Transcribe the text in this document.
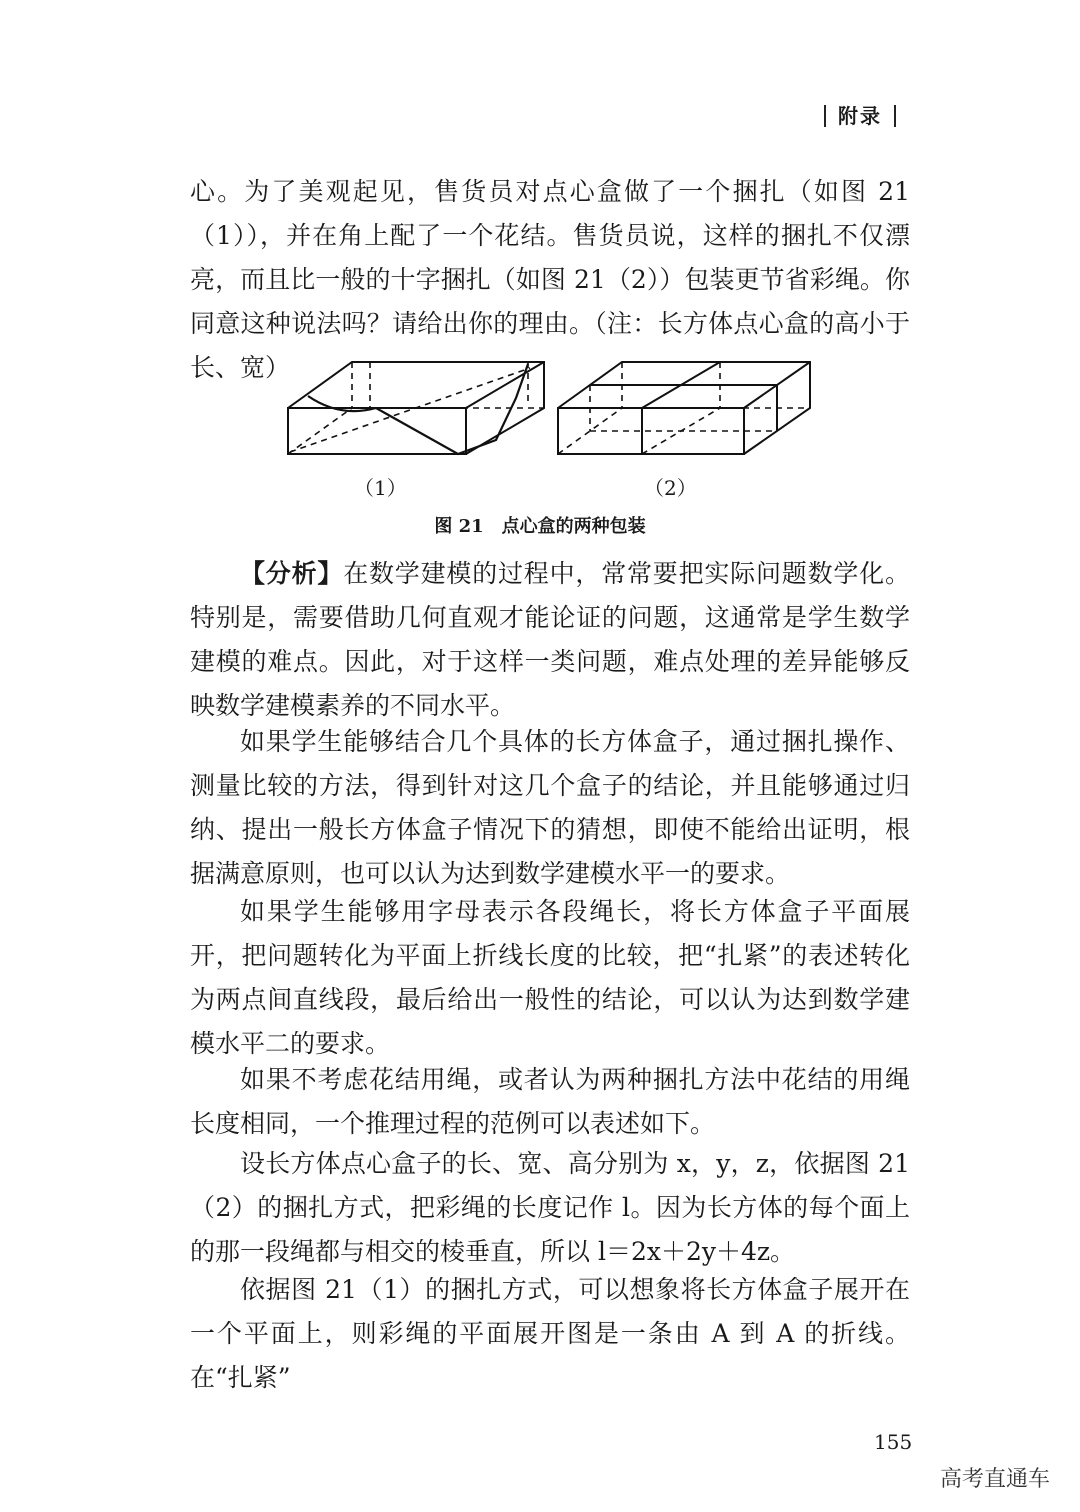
附录

心。为了美观起见，售货员对点心盒做了一个捆扎（如图 21（1）），并在角上配了一个花结。售货员说，这样的捆扎不仅漂亮，而且比一般的十字捆扎（如图 21（2））包装更节省彩绳。你同意这种说法吗？请给出你的理由。（注：长方体点心盒的高小于长、宽）

（1）	（2）
图 21　点心盒的两种包装

【分析】在数学建模的过程中，常常要把实际问题数学化。特别是，需要借助几何直观才能论证的问题，这通常是学生数学建模的难点。因此，对于这样一类问题，难点处理的差异能够反映数学建模素养的不同水平。

如果学生能够结合几个具体的长方体盒子，通过捆扎操作、测量比较的方法，得到针对这几个盒子的结论，并且能够通过归纳、提出一般长方体盒子情况下的猜想，即使不能给出证明，根据满意原则，也可以认为达到数学建模水平一的要求。

如果学生能够用字母表示各段绳长，将长方体盒子平面展开，把问题转化为平面上折线长度的比较，把“扎紧”的表述转化为两点间直线段，最后给出一般性的结论，可以认为达到数学建模水平二的要求。

如果不考虑花结用绳，或者认为两种捆扎方法中花结的用绳长度相同，一个推理过程的范例可以表述如下。

设长方体点心盒子的长、宽、高分别为 x，y，z，依据图 21（2）的捆扎方式，把彩绳的长度记作 l。因为长方体的每个面上的那一段绳都与相交的棱垂直，所以 l＝2x＋2y＋4z。

依据图 21（1）的捆扎方式，可以想象将长方体盒子展开在一个平面上，则彩绳的平面展开图是一条由 A 到 A 的折线。在“扎紧”

155
高考直通车
